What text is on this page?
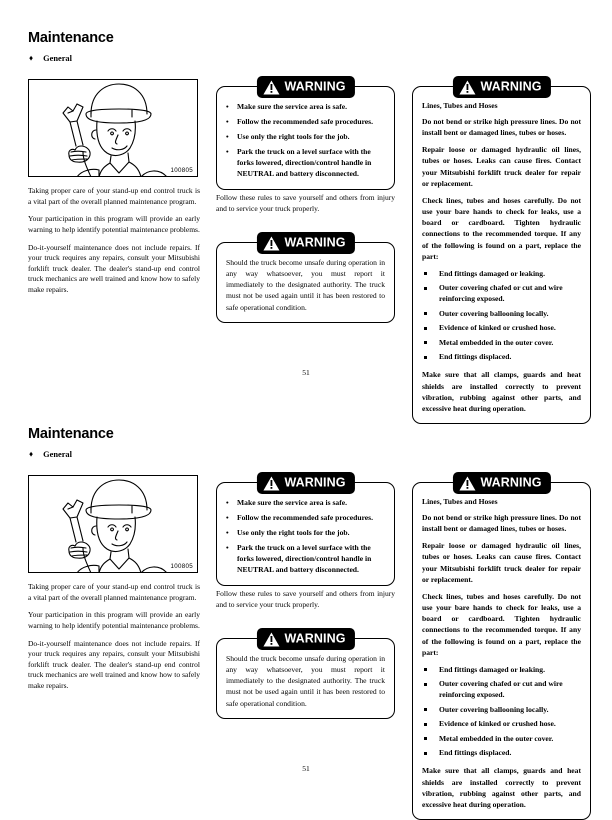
Maintenance
♦ General
100805

Taking proper care of your stand-up end control truck is a vital part of the overall planned maintenance program.

Your participation in this program will provide an early warning to help identify potential maintenance problems.

Do-it-yourself maintenance does not include repairs. If your truck requires any repairs, consult your Mitsubishi forklift truck dealer. The dealer's stand-up end control truck mechanics are well trained and know how to safely make repairs.

WARNING
•	Make sure the service area is safe.
•	Follow the recommended safe procedures.
•	Use only the right tools for the job.
•	Park the truck on a level surface with the forks lowered, direction/control handle in NEUTRAL and battery disconnected.

Follow these rules to save yourself and others from injury and to service your truck properly.

WARNING

Should the truck become unsafe during operation in any way whatsoever, you must report it immediately to the designated authority. The truck must not be used again until it has been restored to safe operational condition.

WARNING

Lines, Tubes and Hoses

Do not bend or strike high pressure lines. Do not install bent or damaged lines, tubes or hoses.

Repair loose or damaged hydraulic oil lines, tubes or hoses. Leaks can cause fires. Contact your Mitsubishi forklift truck dealer for repair or replacement.

Check lines, tubes and hoses carefully. Do not use your bare hands to check for leaks, use a board or cardboard. Tighten hydraulic connections to the recommended torque. If any of the following is found on a part, replace the part:

End fittings damaged or leaking.
Outer covering chafed or cut and wire reinforcing exposed.
Outer covering ballooning locally.
Evidence of kinked or crushed hose.
Metal embedded in the outer cover.
End fittings displaced.

Make sure that all clamps, guards and heat shields are installed correctly to prevent vibration, rubbing against other parts, and excessive heat during operation.

51
Maintenance
♦ General
100805

Taking proper care of your stand-up end control truck is a vital part of the overall planned maintenance program.

Your participation in this program will provide an early warning to help identify potential maintenance problems.

Do-it-yourself maintenance does not include repairs. If your truck requires any repairs, consult your Mitsubishi forklift truck dealer. The dealer's stand-up end control truck mechanics are well trained and know how to safely make repairs.

WARNING
•	Make sure the service area is safe.
•	Follow the recommended safe procedures.
•	Use only the right tools for the job.
•	Park the truck on a level surface with the forks lowered, direction/control handle in NEUTRAL and battery disconnected.

Follow these rules to save yourself and others from injury and to service your truck properly.

WARNING

Should the truck become unsafe during operation in any way whatsoever, you must report it immediately to the designated authority. The truck must not be used again until it has been restored to safe operational condition.

WARNING

Lines, Tubes and Hoses

Do not bend or strike high pressure lines. Do not install bent or damaged lines, tubes or hoses.

Repair loose or damaged hydraulic oil lines, tubes or hoses. Leaks can cause fires. Contact your Mitsubishi forklift truck dealer for repair or replacement.

Check lines, tubes and hoses carefully. Do not use your bare hands to check for leaks, use a board or cardboard. Tighten hydraulic connections to the recommended torque. If any of the following is found on a part, replace the part:

End fittings damaged or leaking.
Outer covering chafed or cut and wire reinforcing exposed.
Outer covering ballooning locally.
Evidence of kinked or crushed hose.
Metal embedded in the outer cover.
End fittings displaced.

Make sure that all clamps, guards and heat shields are installed correctly to prevent vibration, rubbing against other parts, and excessive heat during operation.

51
